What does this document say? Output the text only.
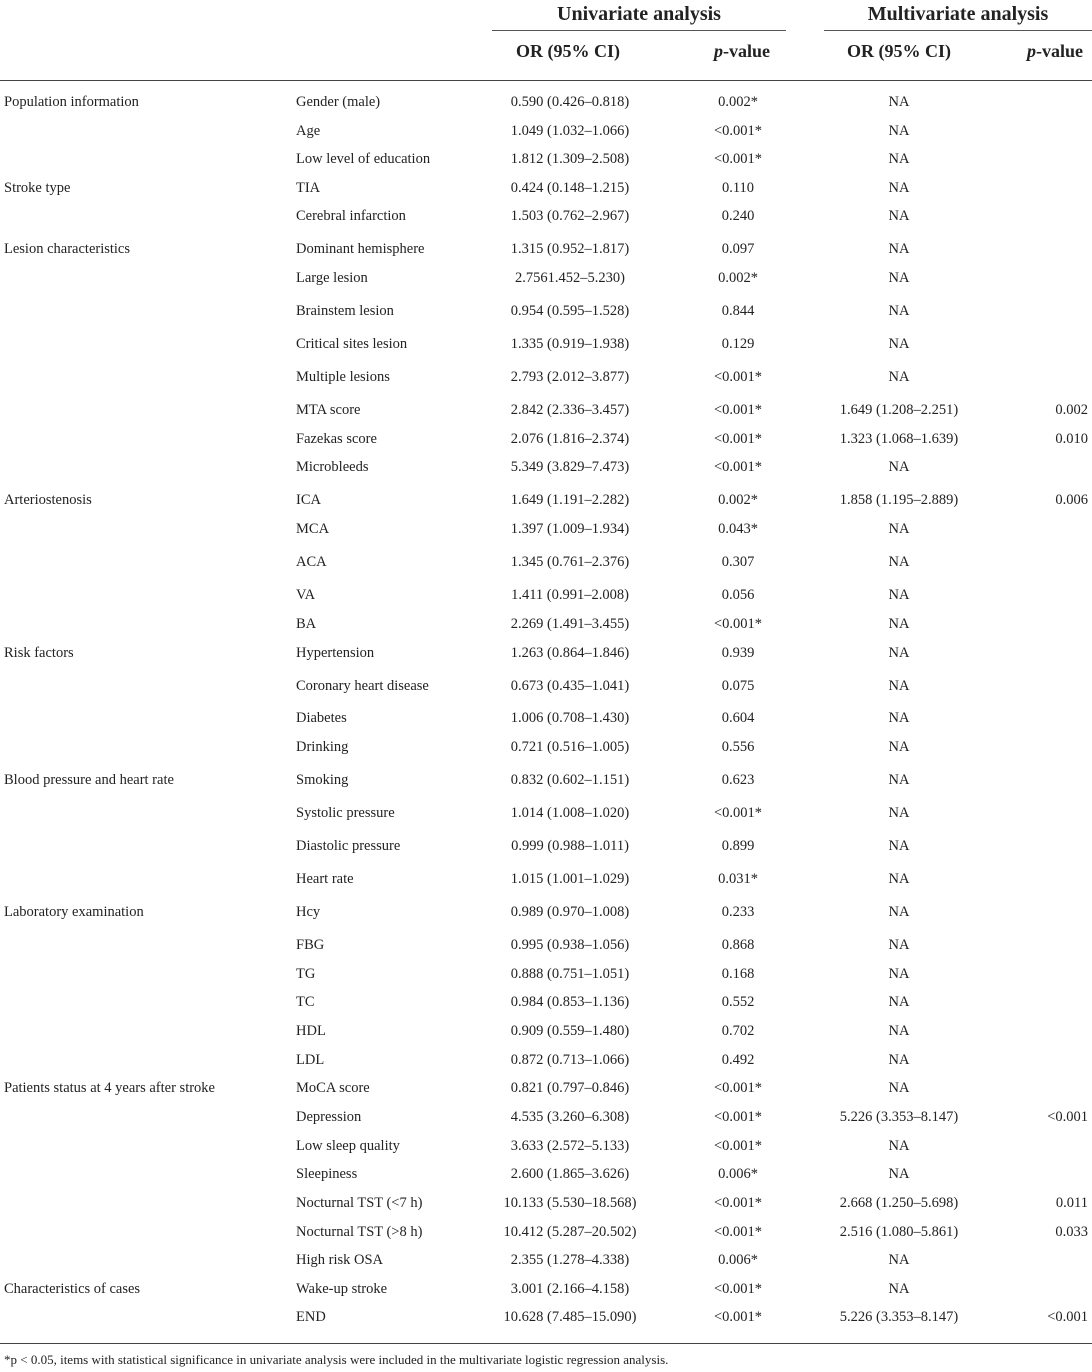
Univariate analysis	Multivariate analysis
OR (95% CI)	p-value	OR (95% CI)	p-value
Population information	Gender (male)	0.590 (0.426–0.818)	0.002*	NA
Age	1.049 (1.032–1.066)	<0.001*	NA
Low level of education	1.812 (1.309–2.508)	<0.001*	NA
Stroke type	TIA	0.424 (0.148–1.215)	0.110	NA
Cerebral infarction	1.503 (0.762–2.967)	0.240	NA
Lesion characteristics	Dominant hemisphere	1.315 (0.952–1.817)	0.097	NA
Large lesion	2.7561.452–5.230)	0.002*	NA
Brainstem lesion	0.954 (0.595–1.528)	0.844	NA
Critical sites lesion	1.335 (0.919–1.938)	0.129	NA
Multiple lesions	2.793 (2.012–3.877)	<0.001*	NA
MTA score	2.842 (2.336–3.457)	<0.001*	1.649 (1.208–2.251)	0.002
Fazekas score	2.076 (1.816–2.374)	<0.001*	1.323 (1.068–1.639)	0.010
Microbleeds	5.349 (3.829–7.473)	<0.001*	NA
Arteriostenosis	ICA	1.649 (1.191–2.282)	0.002*	1.858 (1.195–2.889)	0.006
MCA	1.397 (1.009–1.934)	0.043*	NA
ACA	1.345 (0.761–2.376)	0.307	NA
VA	1.411 (0.991–2.008)	0.056	NA
BA	2.269 (1.491–3.455)	<0.001*	NA
Risk factors	Hypertension	1.263 (0.864–1.846)	0.939	NA
Coronary heart disease	0.673 (0.435–1.041)	0.075	NA
Diabetes	1.006 (0.708–1.430)	0.604	NA
Drinking	0.721 (0.516–1.005)	0.556	NA
Blood pressure and heart rate	Smoking	0.832 (0.602–1.151)	0.623	NA
Systolic pressure	1.014 (1.008–1.020)	<0.001*	NA
Diastolic pressure	0.999 (0.988–1.011)	0.899	NA
Heart rate	1.015 (1.001–1.029)	0.031*	NA
Laboratory examination	Hcy	0.989 (0.970–1.008)	0.233	NA
FBG	0.995 (0.938–1.056)	0.868	NA
TG	0.888 (0.751–1.051)	0.168	NA
TC	0.984 (0.853–1.136)	0.552	NA
HDL	0.909 (0.559–1.480)	0.702	NA
LDL	0.872 (0.713–1.066)	0.492	NA
Patients status at 4 years after stroke	MoCA score	0.821 (0.797–0.846)	<0.001*	NA
Depression	4.535 (3.260–6.308)	<0.001*	5.226 (3.353–8.147)	<0.001
Low sleep quality	3.633 (2.572–5.133)	<0.001*	NA
Sleepiness	2.600 (1.865–3.626)	0.006*	NA
Nocturnal TST (<7 h)	10.133 (5.530–18.568)	<0.001*	2.668 (1.250–5.698)	0.011
Nocturnal TST (>8 h)	10.412 (5.287–20.502)	<0.001*	2.516 (1.080–5.861)	0.033
High risk OSA	2.355 (1.278–4.338)	0.006*	NA
Characteristics of cases	Wake-up stroke	3.001 (2.166–4.158)	<0.001*	NA
END	10.628 (7.485–15.090)	<0.001*	5.226 (3.353–8.147)	<0.001
*p < 0.05, items with statistical significance in univariate analysis were included in the multivariate logistic regression analysis.
